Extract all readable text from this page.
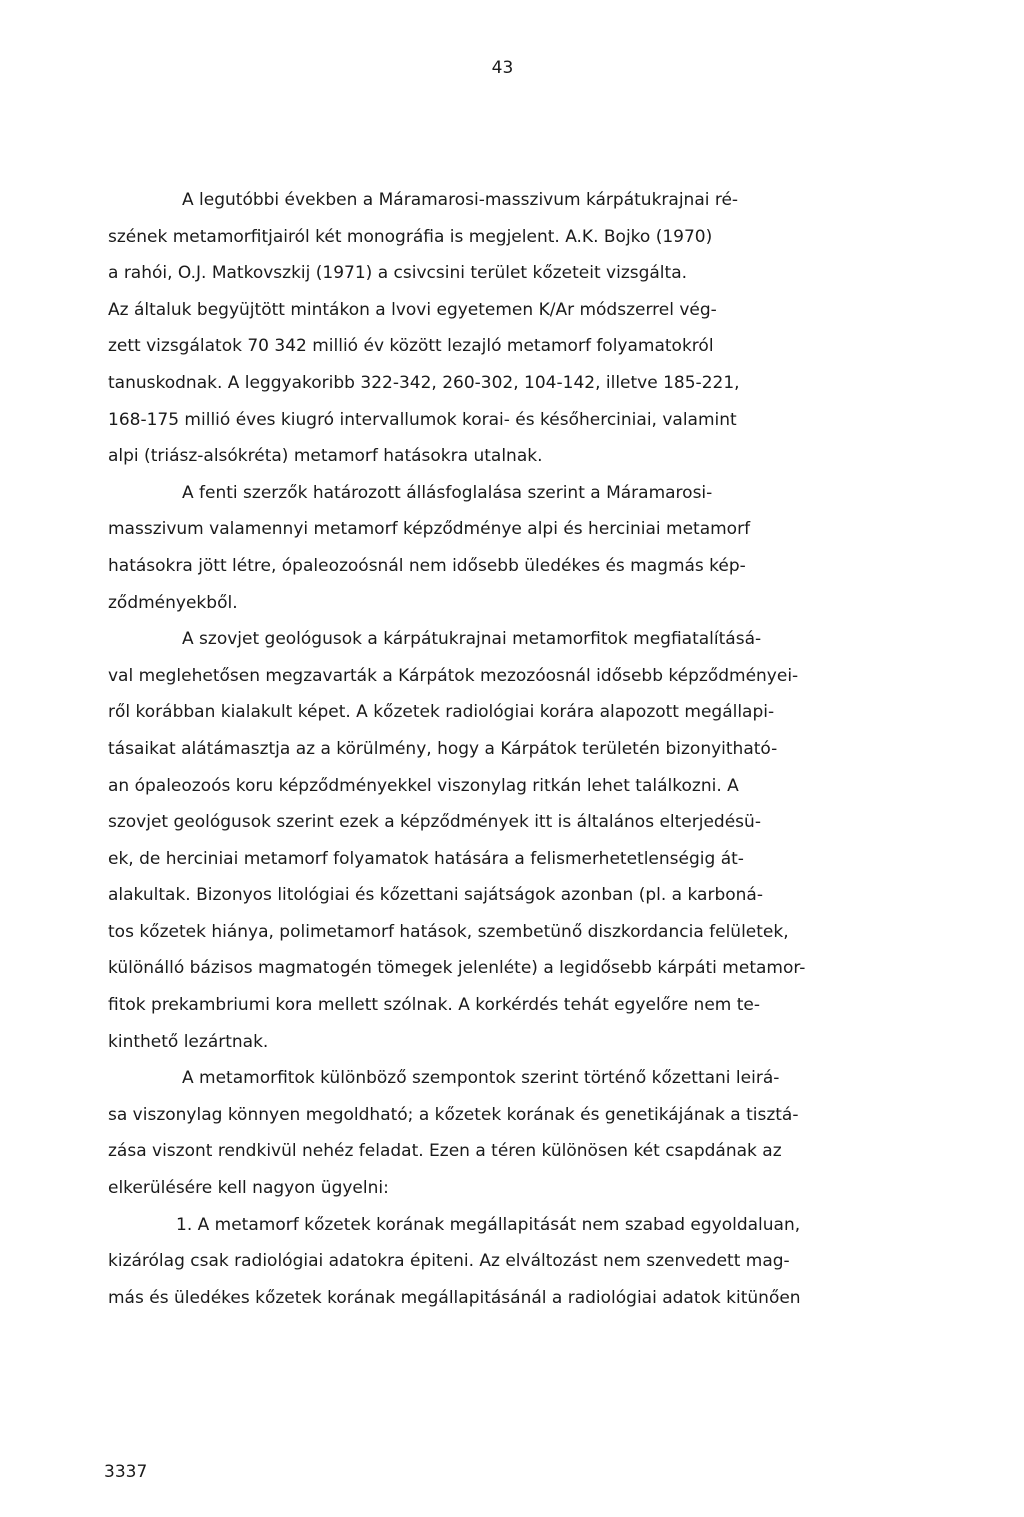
43
A legutóbbi években a Máramarosi-masszivum kárpátukrajnai ré-
szének metamorfitjairól két monográfia is megjelent. A.K. Bojko (1970)
a rahói, O.J. Matkovszkij (1971) a csivcsini terület kőzeteit vizsgálta.
Az általuk begyüjtött mintákon a lvovi egyetemen K/Ar módszerrel vég-
zett vizsgálatok 70 342 millió év között lezajló metamorf folyamatokról
tanuskodnak. A leggyakoribb 322-342, 260-302, 104-142, illetve 185-221,
168-175 millió éves kiugró intervallumok korai- és későherciniai, valamint
alpi (triász-alsókréta) metamorf hatásokra utalnak.
A fenti szerzők határozott állásfoglalása szerint a Máramarosi-
masszivum valamennyi metamorf képződménye alpi és herciniai metamorf
hatásokra jött létre, ópaleozoósnál nem idősebb üledékes és magmás kép-
ződményekből.
A szovjet geológusok a kárpátukrajnai metamorfitok megfiatalításá-
val meglehetősen megzavarták a Kárpátok mezozóosnál idősebb képződményei-
ről korábban kialakult képet. A kőzetek radiológiai korára alapozott megállapi-
tásaikat alátámasztja az a körülmény, hogy a Kárpátok területén bizonyitható-
an ópaleozoós koru képződményekkel viszonylag ritkán lehet találkozni. A
szovjet geológusok szerint ezek a képződmények itt is általános elterjedésü-
ek, de herciniai metamorf folyamatok hatására a felismerhetetlenségig át-
alakultak. Bizonyos litológiai és kőzettani sajátságok azonban (pl. a karboná-
tos kőzetek hiánya, polimetamorf hatások, szembetünő diszkordancia felületek,
különálló bázisos magmatogén tömegek jelenléte) a legidősebb kárpáti metamor-
fitok prekambriumi kora mellett szólnak. A korkérdés tehát egyelőre nem te-
kinthető lezártnak.
A metamorfitok különböző szempontok szerint történő kőzettani leirá-
sa viszonylag könnyen megoldható; a kőzetek korának és genetikájának a tisztá-
zása viszont rendkivül nehéz feladat. Ezen a téren különösen két csapdának az
elkerülésére kell nagyon ügyelni:
1. A metamorf kőzetek korának megállapitását nem szabad egyoldaluan,
kizárólag csak radiológiai adatokra épiteni. Az elváltozást nem szenvedett mag-
más és üledékes kőzetek korának megállapitásánál a radiológiai adatok kitünően
3337
